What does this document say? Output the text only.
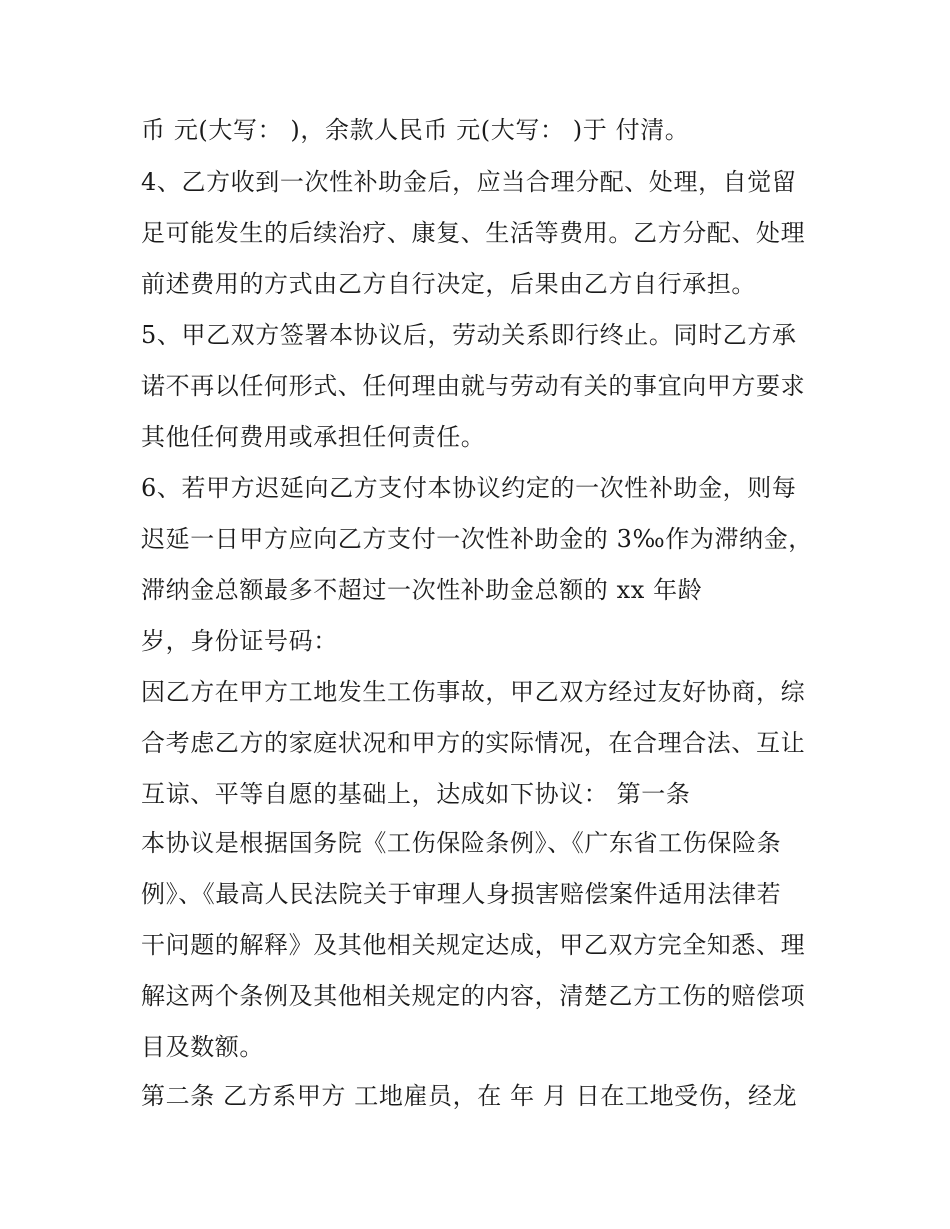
币 元(大写： )，余款人民币 元(大写： )于 付清。
4、乙方收到一次性补助金后，应当合理分配、处理，自觉留
足可能发生的后续治疗、康复、生活等费用。乙方分配、处理
前述费用的方式由乙方自行决定，后果由乙方自行承担。
5、甲乙双方签署本协议后，劳动关系即行终止。同时乙方承
诺不再以任何形式、任何理由就与劳动有关的事宜向甲方要求
其他任何费用或承担任何责任。
6、若甲方迟延向乙方支付本协议约定的一次性补助金，则每
迟延一日甲方应向乙方支付一次性补助金的 3‰作为滞纳金，
滞纳金总额最多不超过一次性补助金总额的 xx 年龄
岁，身份证号码：
因乙方在甲方工地发生工伤事故，甲乙双方经过友好协商，综
合考虑乙方的家庭状况和甲方的实际情况，在合理合法、互让
互谅、平等自愿的基础上，达成如下协议： 第一条
本协议是根据国务院《工伤保险条例》、《广东省工伤保险条
例》、《最高人民法院关于审理人身损害赔偿案件适用法律若
干问题的解释》及其他相关规定达成，甲乙双方完全知悉、理
解这两个条例及其他相关规定的内容，清楚乙方工伤的赔偿项
目及数额。
第二条 乙方系甲方 工地雇员，在 年 月 日在工地受伤，经龙
